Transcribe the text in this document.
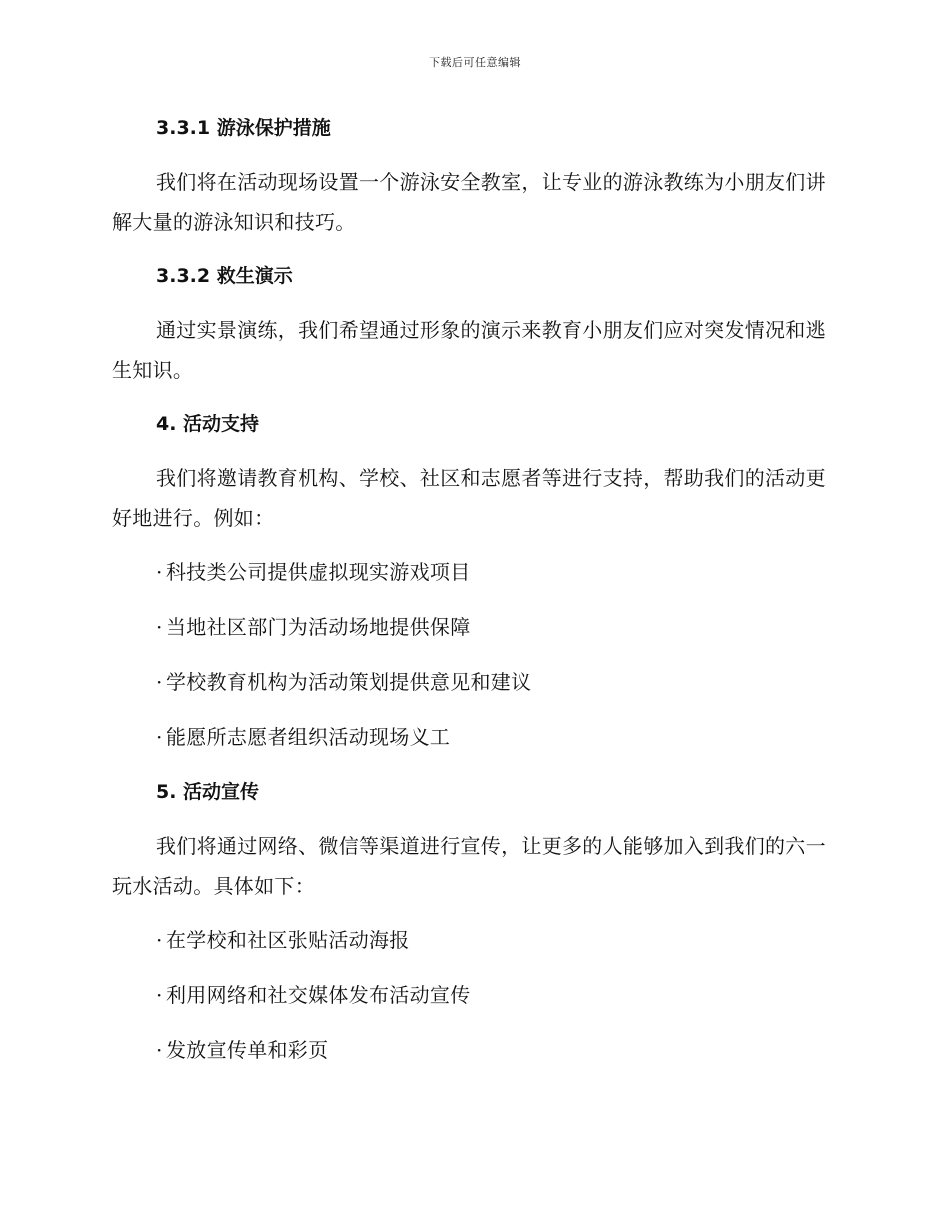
下载后可任意编辑
3.3.1 游泳保护措施

我们将在活动现场设置一个游泳安全教室，让专业的游泳教练为小朋友们讲解大量的游泳知识和技巧。

3.3.2 救生演示

通过实景演练，我们希望通过形象的演示来教育小朋友们应对突发情况和逃生知识。

4. 活动支持

我们将邀请教育机构、学校、社区和志愿者等进行支持，帮助我们的活动更好地进行。例如：

· 科技类公司提供虚拟现实游戏项目
· 当地社区部门为活动场地提供保障
· 学校教育机构为活动策划提供意见和建议
· 能愿所志愿者组织活动现场义工
5. 活动宣传

我们将通过网络、微信等渠道进行宣传，让更多的人能够加入到我们的六一玩水活动。具体如下：

· 在学校和社区张贴活动海报
· 利用网络和社交媒体发布活动宣传
· 发放宣传单和彩页
